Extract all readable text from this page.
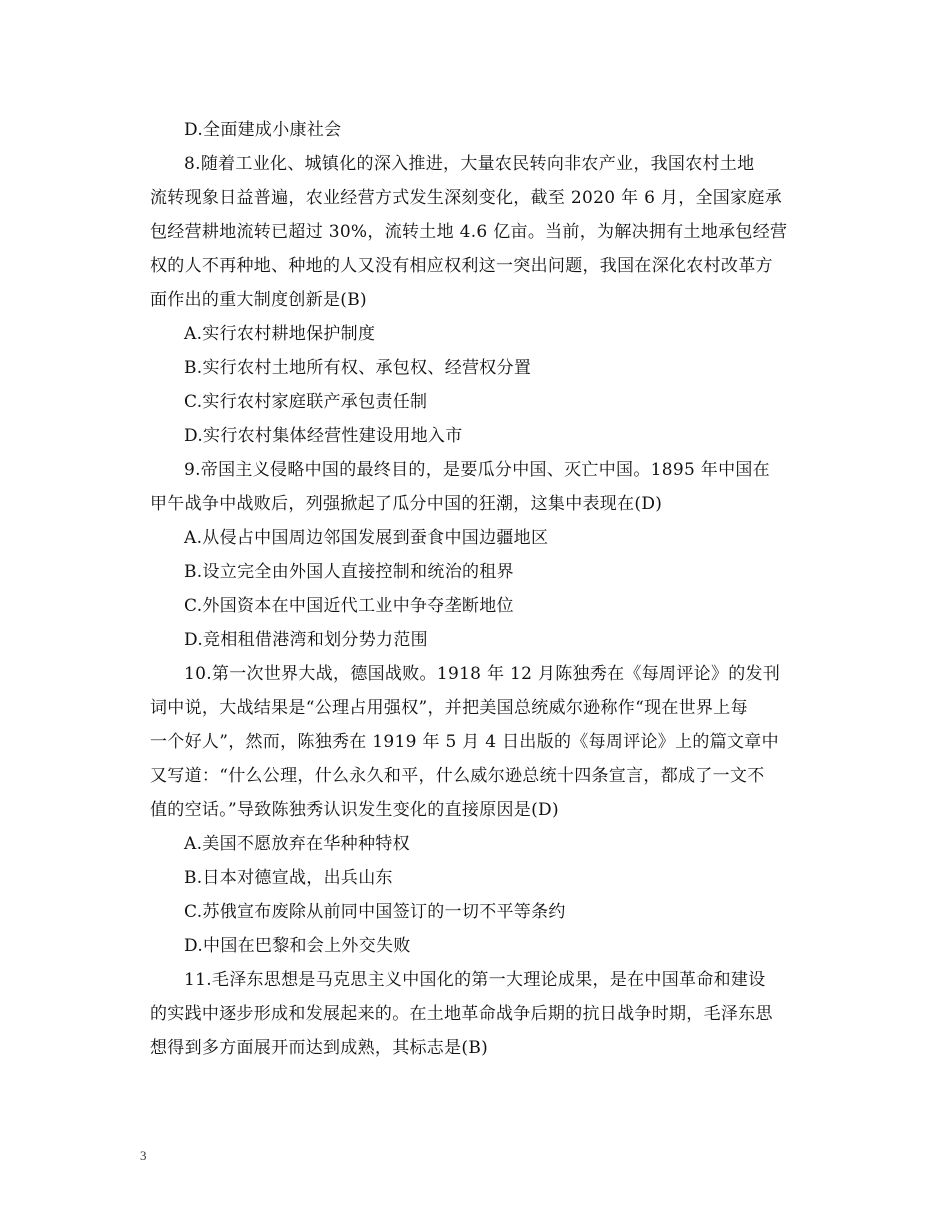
D.全面建成小康社会
8.随着工业化、城镇化的深入推进，大量农民转向非农产业，我国农村土地
流转现象日益普遍，农业经营方式发生深刻变化，截至 2020 年 6 月，全国家庭承
包经营耕地流转已超过 30%，流转土地 4.6 亿亩。当前，为解决拥有土地承包经营
权的人不再种地、种地的人又没有相应权利这一突出问题，我国在深化农村改革方
面作出的重大制度创新是(B)
A.实行农村耕地保护制度
B.实行农村土地所有权、承包权、经营权分置
C.实行农村家庭联产承包责任制
D.实行农村集体经营性建设用地入市
9.帝国主义侵略中国的最终目的，是要瓜分中国、灭亡中国。1895 年中国在
甲午战争中战败后，列强掀起了瓜分中国的狂潮，这集中表现在(D)
A.从侵占中国周边邻国发展到蚕食中国边疆地区
B.设立完全由外国人直接控制和统治的租界
C.外国资本在中国近代工业中争夺垄断地位
D.竞相租借港湾和划分势力范围
10.第一次世界大战，德国战败。1918 年 12 月陈独秀在《每周评论》的发刊
词中说，大战结果是“公理占用强权”，并把美国总统威尔逊称作“现在世界上每
一个好人”，然而，陈独秀在 1919 年 5 月 4 日出版的《每周评论》上的篇文章中
又写道：“什么公理，什么永久和平，什么威尔逊总统十四条宣言，都成了一文不
值的空话。”导致陈独秀认识发生变化的直接原因是(D)
A.美国不愿放弃在华种种特权
B.日本对德宣战，出兵山东
C.苏俄宣布废除从前同中国签订的一切不平等条约
D.中国在巴黎和会上外交失败
11.毛泽东思想是马克思主义中国化的第一大理论成果，是在中国革命和建设
的实践中逐步形成和发展起来的。在土地革命战争后期的抗日战争时期，毛泽东思
想得到多方面展开而达到成熟，其标志是(B)
3
